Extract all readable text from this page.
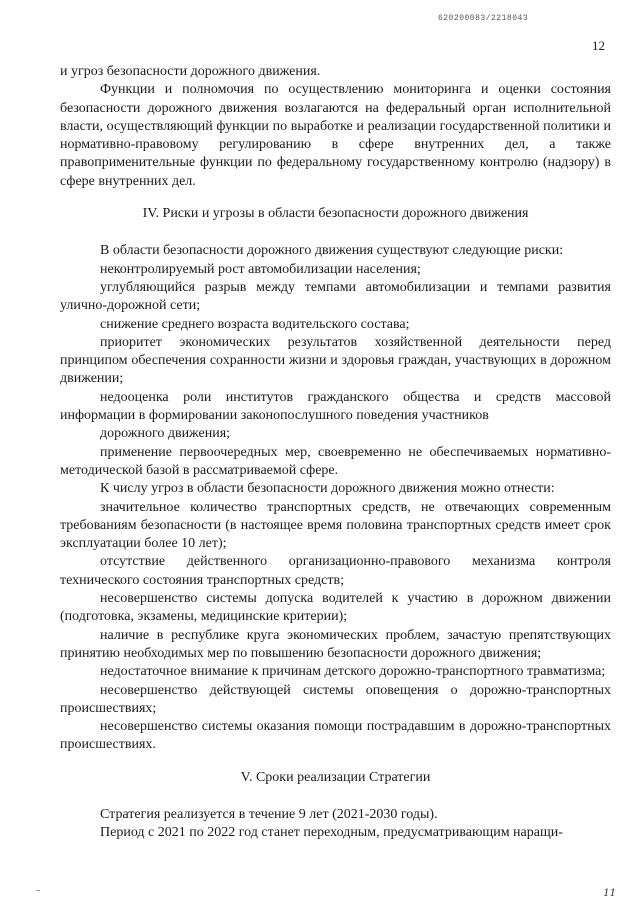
620200083/2218043
12

и угроз безопасности дорожного движения.

Функции и полномочия по осуществлению мониторинга и оценки состояния безопасности дорожного движения возлагаются на федеральный орган исполнительной власти, осуществляющий функции по выработке и реализации государственной политики и нормативно-правовому регулированию в сфере внутренних дел, а также правоприменительные функции по федеральному государственному контролю (надзору) в сфере внутренних дел.

IV. Риски и угрозы в области безопасности дорожного движения

В области безопасности дорожного движения существуют следующие риски:

неконтролируемый рост автомобилизации населения;

углубляющийся разрыв между темпами автомобилизации и темпами развития улично-дорожной сети;

снижение среднего возраста водительского состава;

приоритет экономических результатов хозяйственной деятельности перед принципом обеспечения сохранности жизни и здоровья граждан, участвующих в дорожном движении;

недооценка роли институтов гражданского общества и средств массовой информации в формировании законопослушного поведения участников

дорожного движения;

применение первоочередных мер, своевременно не обеспечиваемых нормативно-методической базой в рассматриваемой сфере.

К числу угроз в области безопасности дорожного движения можно отнести:

значительное количество транспортных средств, не отвечающих современным требованиям безопасности (в настоящее время половина транспортных средств имеет срок эксплуатации более 10 лет);

отсутствие действенного организационно-правового механизма контроля технического состояния транспортных средств;

несовершенство системы допуска водителей к участию в дорожном движении (подготовка, экзамены, медицинские критерии);

наличие в республике круга экономических проблем, зачастую препятствующих принятию необходимых мер по повышению безопасности дорожного движения;

недостаточное внимание к причинам детского дорожно-транспортного травматизма;

несовершенство действующей системы оповещения о дорожно-транспортных происшествиях;

несовершенство системы оказания помощи пострадавшим в дорожно-транспортных происшествиях.

V. Сроки реализации Стратегии

Стратегия реализуется в течение 9 лет (2021-2030 годы).

Период с 2021 по 2022 год станет переходным, предусматривающим наращи-

11
